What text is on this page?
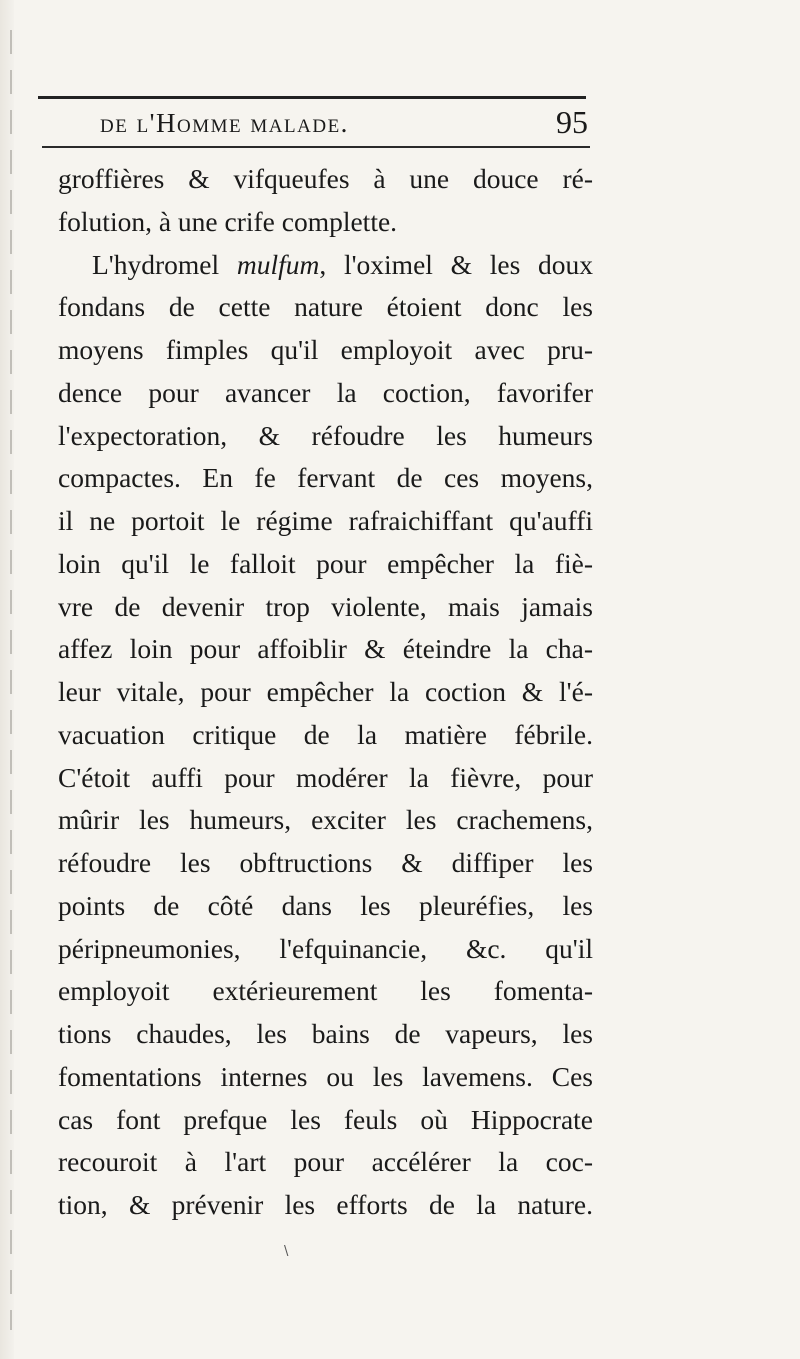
de l'Homme malade.	95
groffières & vifqueufes à une douce ré-
folution, à une crife complette.
L'hydromel mulfum, l'oximel & les doux
fondans de cette nature étoient donc les
moyens fimples qu'il employoit avec pru-
dence pour avancer la coction, favorifer
l'expectoration, & réfoudre les humeurs
compactes. En fe fervant de ces moyens,
il ne portoit le régime rafraichiffant qu'auffi
loin qu'il le falloit pour empêcher la fiè-
vre de devenir trop violente, mais jamais
affez loin pour affoiblir & éteindre la cha-
leur vitale, pour empêcher la coction & l'é-
vacuation critique de la matière fébrile.
C'étoit auffi pour modérer la fièvre, pour
mûrir les humeurs, exciter les crachemens,
réfoudre les obftructions & diffiper les
points de côté dans les pleuréfies, les
péripneumonies, l'efquinancie, &c. qu'il
employoit extérieurement les fomenta-
tions chaudes, les bains de vapeurs, les
fomentations internes ou les lavemens. Ces
cas font prefque les feuls où Hippocrate
recouroit à l'art pour accélérer la coc-
tion, & prévenir les efforts de la nature.
\
